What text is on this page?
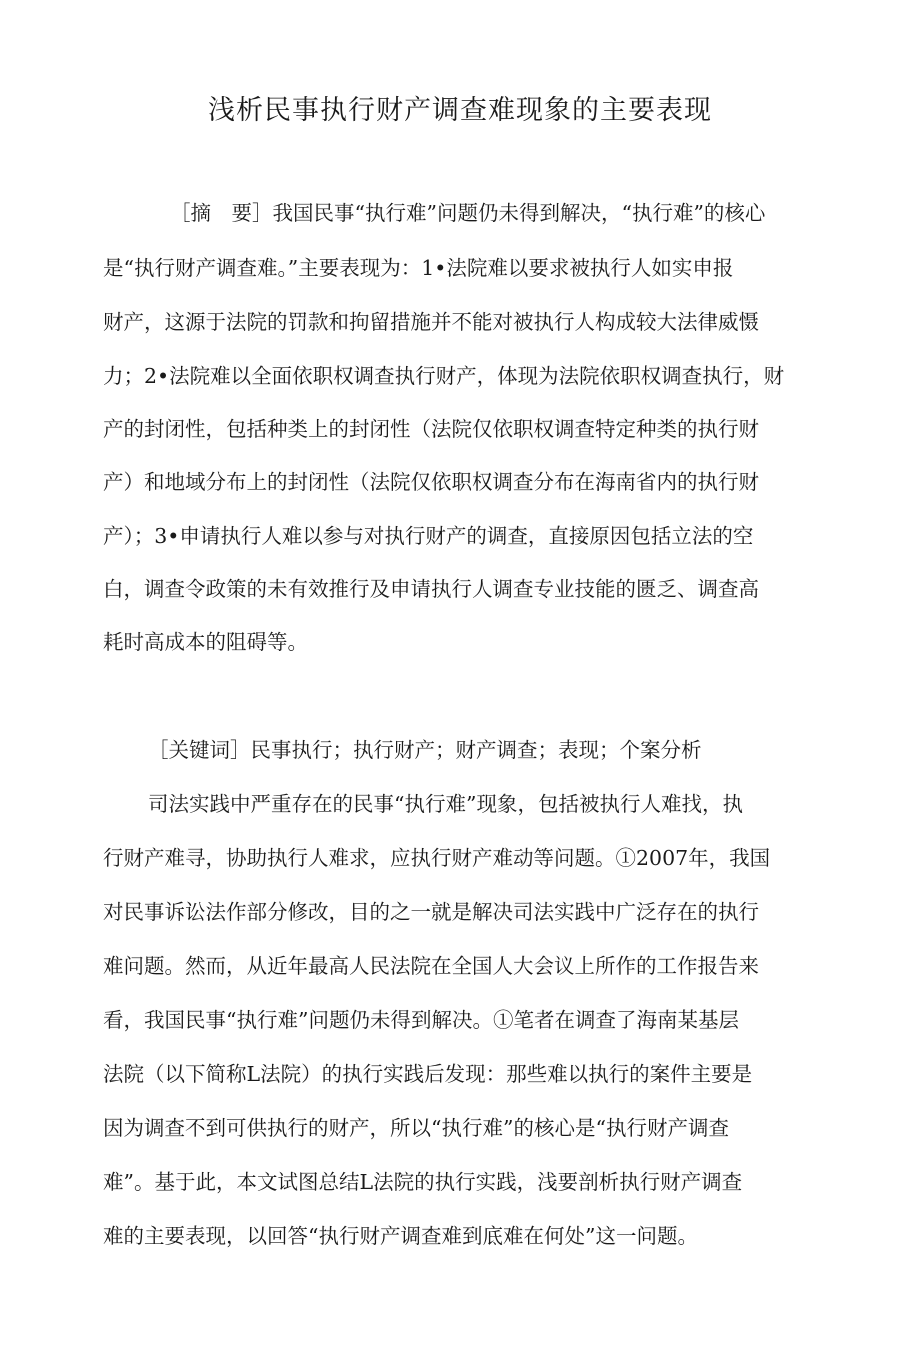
浅析民事执行财产调查难现象的主要表现

［摘　要］我国民事“执行难”问题仍未得到解决，“执行难”的核心

是“执行财产调查难。”主要表现为：1•法院难以要求被执行人如实申报

财产，这源于法院的罚款和拘留措施并不能对被执行人构成较大法律威慑

力；2•法院难以全面依职权调查执行财产，体现为法院依职权调查执行，财

产的封闭性，包括种类上的封闭性（法院仅依职权调查特定种类的执行财

产）和地域分布上的封闭性（法院仅依职权调查分布在海南省内的执行财

产）；3•申请执行人难以参与对执行财产的调查，直接原因包括立法的空

白，调查令政策的未有效推行及申请执行人调查专业技能的匮乏、调查高

耗时高成本的阻碍等。

［关键词］民事执行；执行财产；财产调查；表现；个案分析

司法实践中严重存在的民事“执行难”现象，包括被执行人难找，执

行财产难寻，协助执行人难求，应执行财产难动等问题。①2007年，我国

对民事诉讼法作部分修改，目的之一就是解决司法实践中广泛存在的执行

难问题。然而，从近年最高人民法院在全国人大会议上所作的工作报告来

看，我国民事“执行难”问题仍未得到解决。①笔者在调查了海南某基层

法院（以下简称L法院）的执行实践后发现：那些难以执行的案件主要是

因为调查不到可供执行的财产，所以“执行难”的核心是“执行财产调查

难”。基于此，本文试图总结L法院的执行实践，浅要剖析执行财产调查

难的主要表现，以回答“执行财产调查难到底难在何处”这一问题。
